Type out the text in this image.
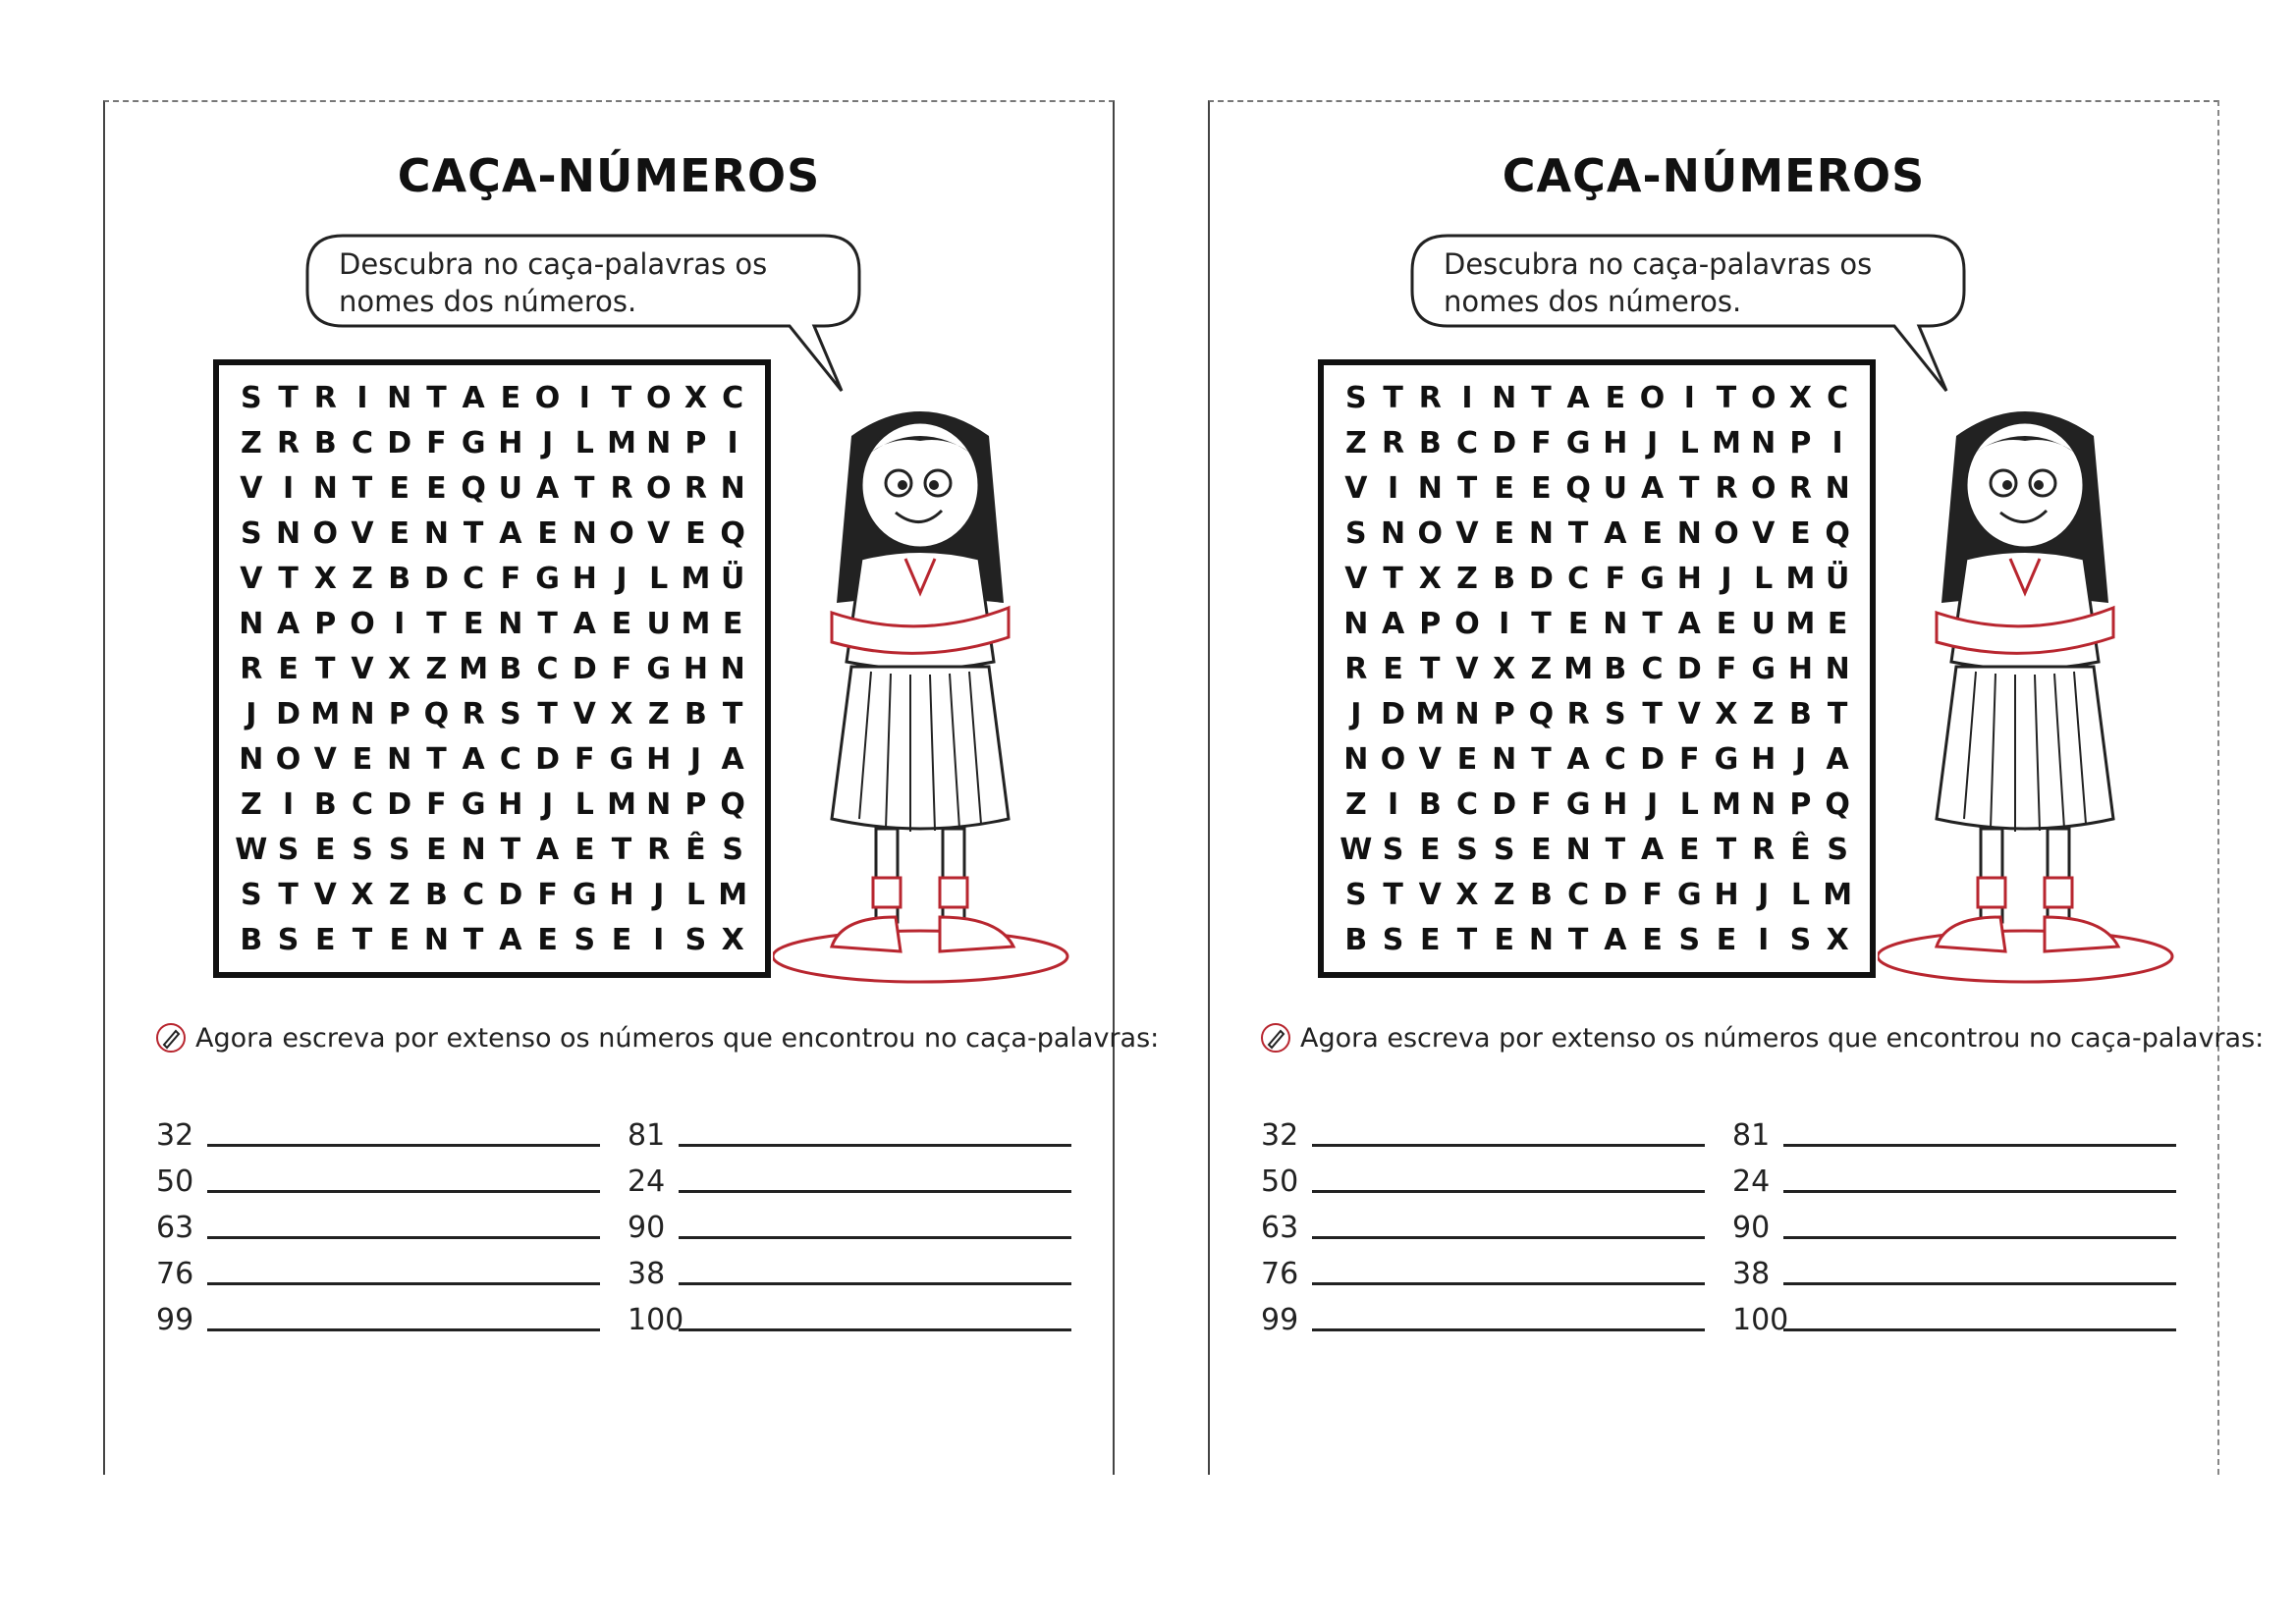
CAÇA-NÚMEROS
Descubra no caça-palavras os nomes dos números.
S T R I N T A E O I T O X C
Z R B C D F G H J L M N P I
V I N T E E Q U A T R O R N
S N O V E N T A E N O V E Q
V T X Z B D C F G H J L M Ü
N A P O I T E N T A E U M E
R E T V X Z M B C D F G H N
J D M N P Q R S T V X Z B T
N O V E N T A C D F G H J A
Z I B C D F G H J L M N P Q
W S E S S E N T A E T R Ê S
S T V X Z B C D F G H J L M
B S E T E N T A E S E I S X
Agora escreva por extenso os números que encontrou no caça-palavras:
32	81
50	24
63	90
76	38
99	100
CAÇA-NÚMEROS
Descubra no caça-palavras os nomes dos números.
S T R I N T A E O I T O X C
Z R B C D F G H J L M N P I
V I N T E E Q U A T R O R N
S N O V E N T A E N O V E Q
V T X Z B D C F G H J L M Ü
N A P O I T E N T A E U M E
R E T V X Z M B C D F G H N
J D M N P Q R S T V X Z B T
N O V E N T A C D F G H J A
Z I B C D F G H J L M N P Q
W S E S S E N T A E T R Ê S
S T V X Z B C D F G H J L M
B S E T E N T A E S E I S X
Agora escreva por extenso os números que encontrou no caça-palavras:
32	81
50	24
63	90
76	38
99	100
